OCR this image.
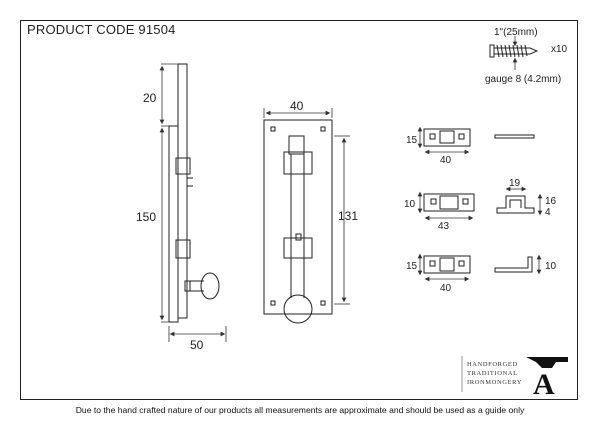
PRODUCT CODE 91504
20
150
50
40
131
1"(25mm)
x10
gauge 8 (4.2mm)
15
40
10
43
19
16
4
15
40
10
HANDFORGED
TRADITIONAL
IRONMONGERY A
Due to the hand crafted nature of our products all measurements are approximate and should be used as a guide only
